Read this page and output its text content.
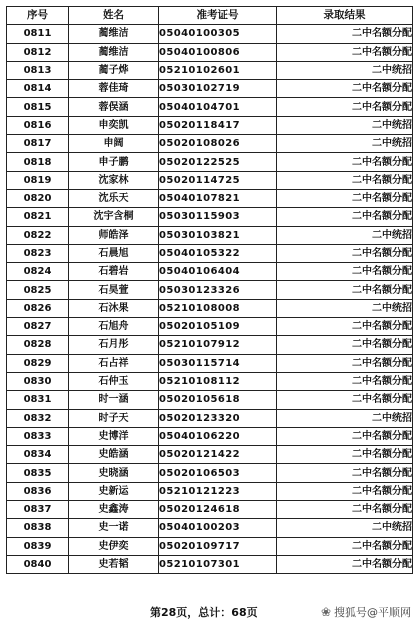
序号	姓名	准考证号	录取结果
0811	蔺维洁	05040100305	二中名额分配
0812	蔺维洁	05040100806	二中名额分配
0813	蔺子烨	05210102601	二中统招
0814	蓉佳琦	05030102719	二中名额分配
0815	蓉俣涵	05040104701	二中名额分配
0816	申奕凯	05020118417	二中统招
0817	申阔	05020108026	二中统招
0818	申子鹏	05020122525	二中名额分配
0819	沈家林	05020114725	二中名额分配
0820	沈乐天	05040107821	二中名额分配
0821	沈宇含桐	05030115903	二中名额分配
0822	师皓泽	05030103821	二中统招
0823	石晨旭	05040105322	二中名额分配
0824	石碧岩	05040106404	二中名额分配
0825	石昊萱	05030123326	二中名额分配
0826	石沐果	05210108008	二中统招
0827	石旭舟	05020105109	二中名额分配
0828	石月彤	05210107912	二中名额分配
0829	石占祥	05030115714	二中名额分配
0830	石仲玉	05210108112	二中名额分配
0831	时一涵	05020105618	二中名额分配
0832	时子天	05020123320	二中统招
0833	史博洋	05040106220	二中名额分配
0834	史皓涵	05020121422	二中名额分配
0835	史晓涵	05020106503	二中名额分配
0836	史新运	05210121223	二中名额分配
0837	史鑫涛	05020124618	二中名额分配
0838	史一诺	05040100203	二中统招
0839	史伊奕	05020109717	二中名额分配
0840	史若韬	05210107301	二中名额分配
第28页，总计：68页	❀ 搜狐号@平顺网
